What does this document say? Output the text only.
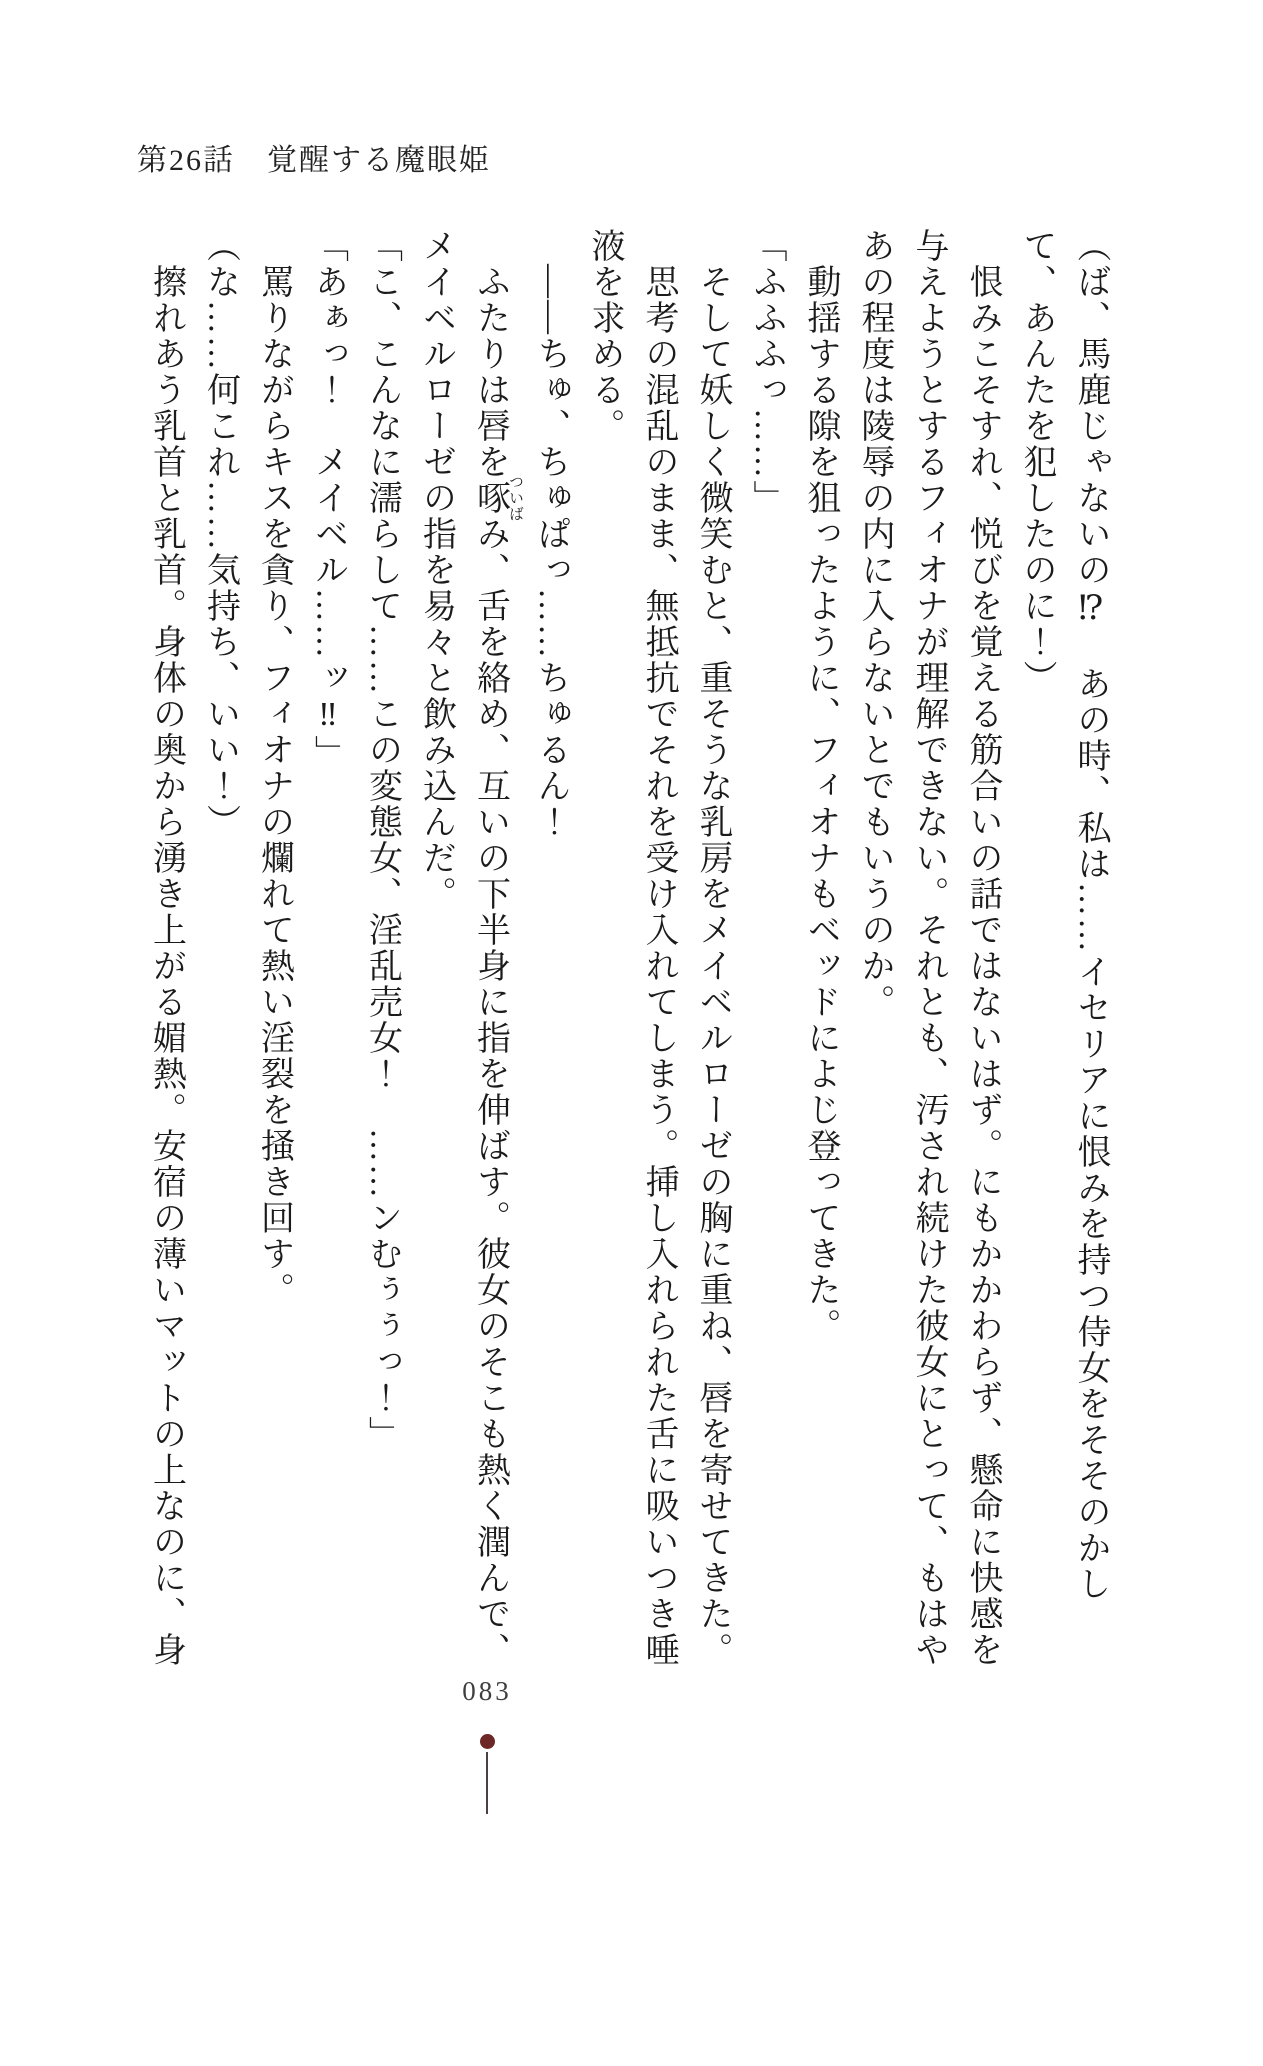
第26話　覚醒する魔眼姫

（ば、馬鹿じゃないの⁉　あの時、私は……イセリアに恨みを持つ侍女をそそのかして、あんたを犯したのに！）

　恨みこそすれ、悦びを覚える筋合いの話ではないはず。にもかかわらず、懸命に快感を与えようとするフィオナが理解できない。それとも、汚され続けた彼女にとって、もはやあの程度は陵辱の内に入らないとでもいうのか。

　動揺する隙を狙ったように、フィオナもベッドによじ登ってきた。

「ふふふっ……」

　そして妖しく微笑むと、重そうな乳房をメイベルローゼの胸に重ね、唇を寄せてきた。

　思考の混乱のまま、無抵抗でそれを受け入れてしまう。挿し入れられた舌に吸いつき唾液を求める。

　――ちゅ、ちゅぱっ……ちゅるん！

　ふたりは唇を啄ついばみ、舌を絡め、互いの下半身に指を伸ばす。彼女のそこも熱く潤んで、メイベルローゼの指を易々と飲み込んだ。

「こ、こんなに濡らして……この変態女、淫乱売女！　……ンむぅぅっ！」

「あぁっ！　メイベル……ッ‼」

　罵りながらキスを貪り、フィオナの爛れて熱い淫裂を掻き回す。

（な……何これ……気持ち、いい！）

　擦れあう乳首と乳首。身体の奥から湧き上がる媚熱。安宿の薄いマットの上なのに、身

083
